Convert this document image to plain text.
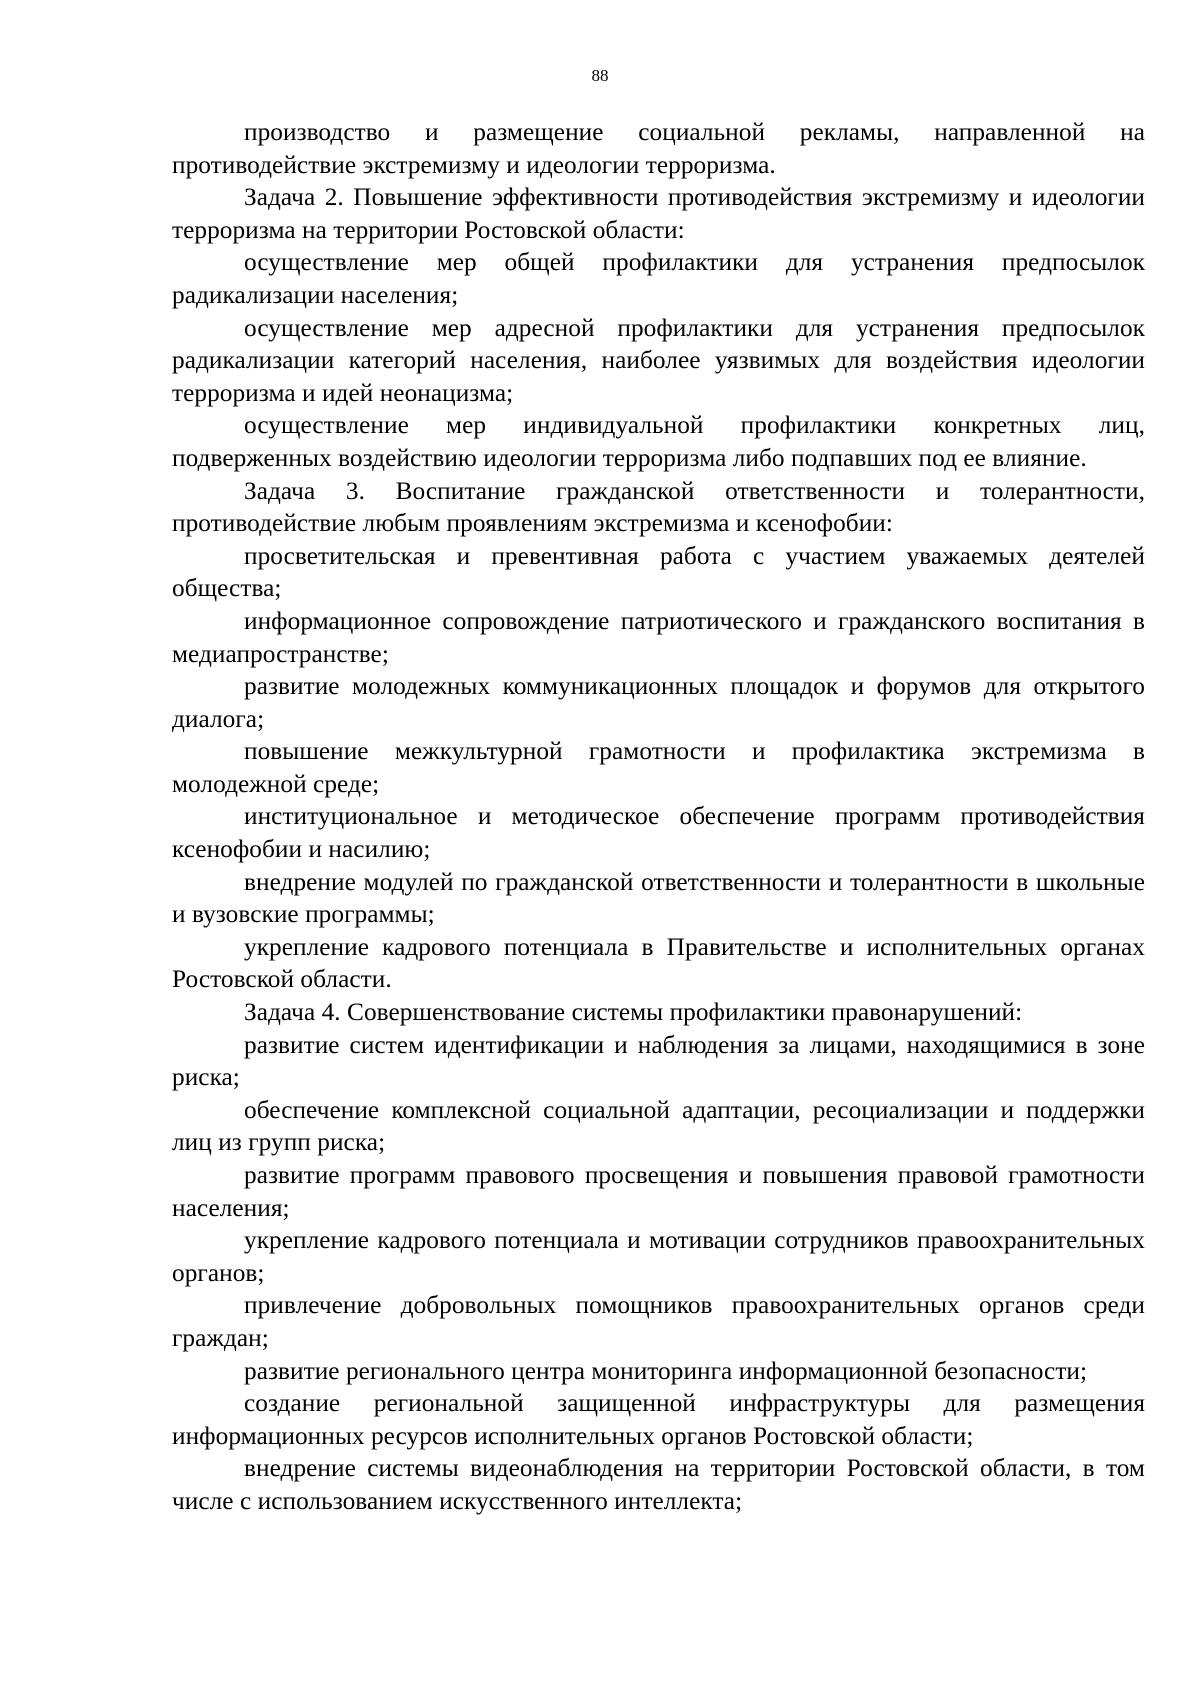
88

производство и размещение социальной рекламы, направленной на противодействие экстремизму и идеологии терроризма.

Задача 2. Повышение эффективности противодействия экстремизму и идеологии терроризма на территории Ростовской области:

осуществление мер общей профилактики для устранения предпосылок радикализации населения;

осуществление мер адресной профилактики для устранения предпосылок радикализации категорий населения, наиболее уязвимых для воздействия идеологии терроризма и идей неонацизма;

осуществление мер индивидуальной профилактики конкретных лиц, подверженных воздействию идеологии терроризма либо подпавших под ее влияние.

Задача 3. Воспитание гражданской ответственности и толерантности, противодействие любым проявлениям экстремизма и ксенофобии:

просветительская и превентивная работа с участием уважаемых деятелей общества;

информационное сопровождение патриотического и гражданского воспитания в медиапространстве;

развитие молодежных коммуникационных площадок и форумов для открытого диалога;

повышение межкультурной грамотности и профилактика экстремизма в молодежной среде;

институциональное и методическое обеспечение программ противодействия ксенофобии и насилию;

внедрение модулей по гражданской ответственности и толерантности в школьные и вузовские программы;

укрепление кадрового потенциала в Правительстве и исполнительных органах Ростовской области.

Задача 4. Совершенствование системы профилактики правонарушений:

развитие систем идентификации и наблюдения за лицами, находящимися в зоне риска;

обеспечение комплексной социальной адаптации, ресоциализации и поддержки лиц из групп риска;

развитие программ правового просвещения и повышения правовой грамотности населения;

укрепление кадрового потенциала и мотивации сотрудников правоохранительных органов;

привлечение добровольных помощников правоохранительных органов среди граждан;

развитие регионального центра мониторинга информационной безопасности;

создание региональной защищенной инфраструктуры для размещения информационных ресурсов исполнительных органов Ростовской области;

внедрение системы видеонаблюдения на территории Ростовской области, в том числе с использованием искусственного интеллекта;
